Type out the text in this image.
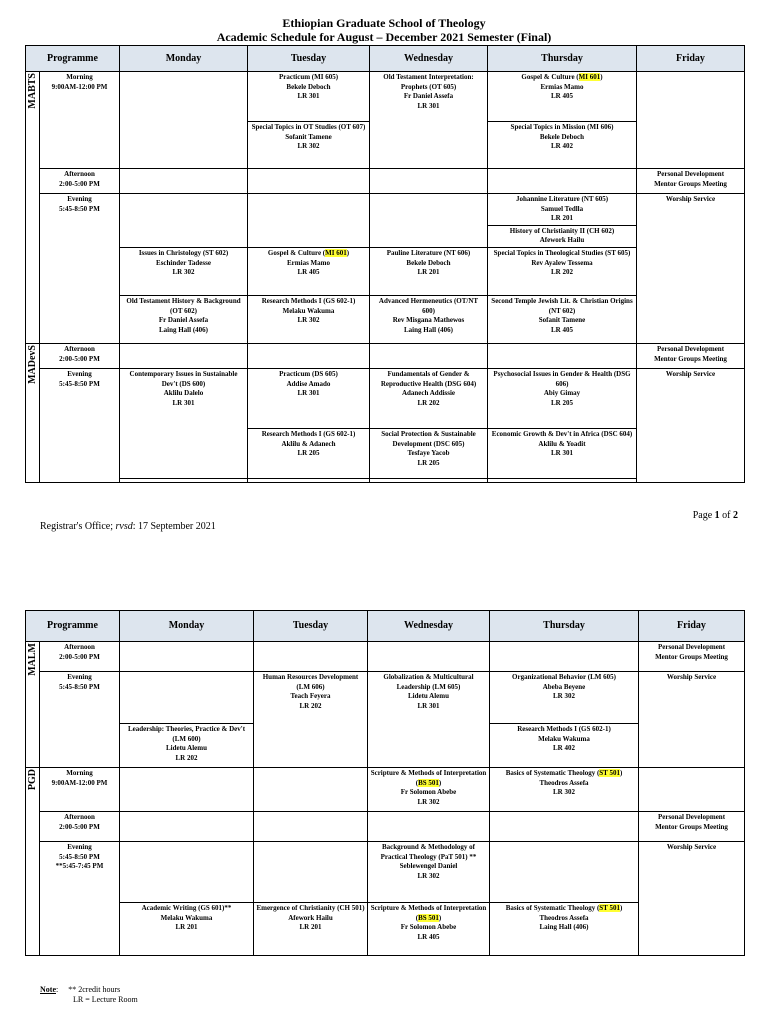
Ethiopian Graduate School of Theology
Academic Schedule for August – December 2021 Semester (Final)
Programme		Monday	Tuesday	Wednesday	Thursday	Friday
MABTS	Morning
9:00AM-12:00 PM		Practicum (MI 605)
Bekele Deboch
LR 301	Old Testament Interpretation: Prophets (OT 605)
Fr Daniel Assefa
LR 301	Gospel & Culture (MI 601)
Ermias Mamo
LR 405	

			Special Topics in OT Studies (OT 607)
Sofanit Tamene
LR 302		Special Topics in Mission (MI 606)
Bekele Deboch
LR 402	

	Afternoon
2:00-5:00 PM					Personal Development
Mentor Groups Meeting

	Evening
5:45-8:50 PM				Johannine Literature (NT 605)
Samuel Tedlla
LR 201	Worship Service

					History of Christianity II (CH 602)
Afework Hailu	

		Issues in Christology (ST 602)
Eschinder Tadesse
LR 302	Gospel & Culture (MI 601)
Ermias Mamo
LR 405	Pauline Literature (NT 606)
Bekele Deboch
LR 201	Special Topics in Theological Studies (ST 605)
Rev Ayalew Tessema
LR 202	

		Old Testament History & Background (OT 602)
Fr Daniel Assefa
Laing Hall (406)	Research Methods I (GS 602-1)
Melaku Wakuma
LR 302	Advanced Hermeneutics (OT/NT 600)
Rev Misgana Mathewos
Laing Hall (406)	Second Temple Jewish Lit. & Christian Origins (NT 602)
Sofanit Tamene
LR 405	

MADevS	Afternoon
2:00-5:00 PM					Personal Development
Mentor Groups Meeting

	Evening
5:45-8:50 PM	Contemporary Issues in Sustainable Dev't (DS 600)
Aklilu Dalelo
LR 301	Practicum (DS 605)
Addise Amado
LR 301	Fundamentals of Gender & Reproductive Health (DSG 604)
Adanech Addissie
LR 202	Psychosocial Issues in Gender & Health (DSG 606)
Abiy Gimay
LR 205	Worship Service

			Research Methods I (GS 602-1)
Aklilu & Adanech
LR 205	Social Protection & Sustainable Development (DSC 605)
Tesfaye Yacob
LR 205	Economic Growth & Dev't in Africa (DSC 604)
Aklilu & Yoadit
LR 301	

Page 1 of 2
Registrar's Office; rvsd: 17 September 2021
Programme		Monday	Tuesday	Wednesday	Thursday	Friday
MALM	Afternoon
2:00-5:00 PM					Personal Development
Mentor Groups Meeting

	Evening
5:45-8:50 PM		Human Resources Development (LM 606)
Teach Feyera
LR 202	Globalization & Multicultural Leadership (LM 605)
Lidetu Alemu
LR 301	Organizational Behavior (LM 605)
Abeba Beyene
LR 302	Worship Service

		Leadership: Theories, Practice & Dev't (LM 600)
Lidetu Alemu
LR 202			Research Methods I (GS 602-1)
Melaku Wakuma
LR 402	

PGD	Morning
9:00AM-12:00 PM			Scripture & Methods of Interpretation (BS 501)
Fr Solomon Abebe
LR 302	Basics of Systematic Theology (ST 501)
Theodros Assefa
LR 302	

	Afternoon
2:00-5:00 PM					Personal Development
Mentor Groups Meeting

	Evening
5:45-8:50 PM
**5:45-7:45 PM			Background & Methodology of Practical Theology (PaT 501) **
Seblewengel Daniel
LR 302		Worship Service

		Academic Writing (GS 601)**
Melaku Wakuma
LR 201	Emergence of Christianity (CH 501)
Afework Hailu
LR 201	Scripture & Methods of Interpretation (BS 501)
Fr Solomon Abebe
LR 405	Basics of Systematic Theology (ST 501)
Theodros Assefa
Laing Hall (406)	
Note: ** 2credit hours
LR = Lecture Room
